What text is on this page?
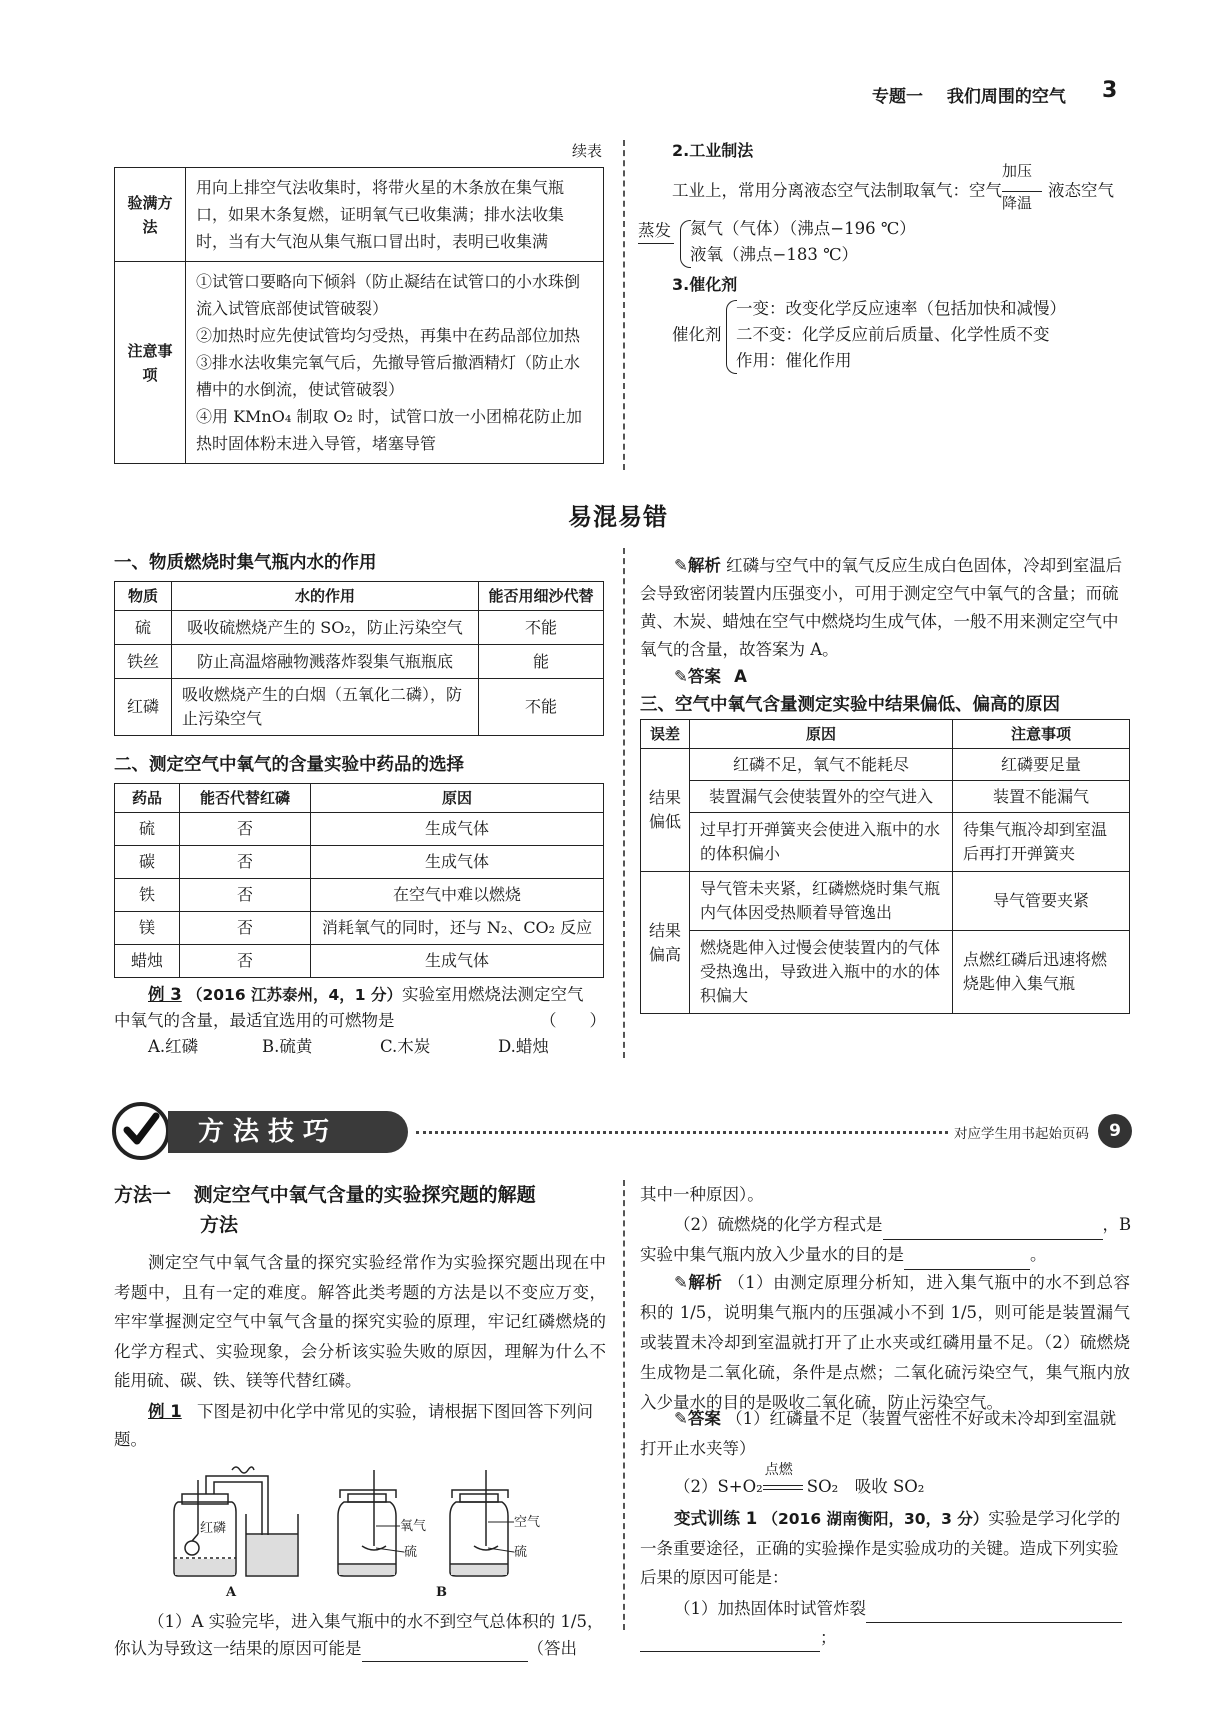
专题一 我们周围的空气 3
续表
验满方法	用向上排空气法收集时，将带火星的木条放在集气瓶口，如果木条复燃，证明氧气已收集满；排水法收集时，当有大气泡从集气瓶口冒出时，表明已收集满
注意事项	①试管口要略向下倾斜（防止凝结在试管口的小水珠倒流入试管底部使试管破裂）
②加热时应先使试管均匀受热，再集中在药品部位加热
③排水法收集完氧气后，先撤导管后撤酒精灯（防止水槽中的水倒流，使试管破裂）
④用 KMnO₄ 制取 O₂ 时，试管口放一小团棉花防止加热时固体粉末进入导管，堵塞导管
2.工业制法
工业上，常用分离液态空气法制取氧气：空气
加压
降温
液态空气
蒸发 氮气（气体）（沸点−196 ℃）
液氧（沸点−183 ℃）
3.催化剂
催化剂
一变：改变化学反应速率（包括加快和减慢）
二不变：化学反应前后质量、化学性质不变
作用：催化作用
易混易错
一、物质燃烧时集气瓶内水的作用
物质	水的作用	能否用细沙代替
硫	吸收硫燃烧产生的 SO₂，防止污染空气	不能
铁丝	防止高温熔融物溅落炸裂集气瓶瓶底	能
红磷	吸收燃烧产生的白烟（五氧化二磷），防止污染空气	不能
二、测定空气中氧气的含量实验中药品的选择
药品	能否代替红磷	原因
硫	否	生成气体
碳	否	生成气体
铁	否	在空气中难以燃烧
镁	否	消耗氧气的同时，还与 N₂、CO₂ 反应
蜡烛	否	生成气体
例 3 （2016 江苏泰州，4，1 分）实验室用燃烧法测定空气
中氧气的含量，最适宜选用的可燃物是	（　　）
A.红磷	B.硫黄	C.木炭	D.蜡烛
✎解析 红磷与空气中的氧气反应生成白色固体，冷却到室温后会导致密闭装置内压强变小，可用于测定空气中氧气的含量；而硫黄、木炭、蜡烛在空气中燃烧均生成气体，一般不用来测定空气中氧气的含量，故答案为 A。
✎答案 A
三、空气中氧气含量测定实验中结果偏低、偏高的原因
误差	原因	注意事项
结果偏低	红磷不足，氧气不能耗尽	红磷要足量
	装置漏气会使装置外的空气进入	装置不能漏气
	过早打开弹簧夹会使进入瓶中的水的体积偏小	待集气瓶冷却到室温后再打开弹簧夹
结果偏高	导气管未夹紧，红磷燃烧时集气瓶内气体因受热顺着导管逸出	导气管要夹紧
	燃烧匙伸入过慢会使装置内的气体受热逸出，导致进入瓶中的水的体积偏大	点燃红磷后迅速将燃烧匙伸入集气瓶
方法技巧	对应学生用书起始页码	9
方法一 测定空气中氧气含量的实验探究题的解题
方法
测定空气中氧气含量的探究实验经常作为实验探究题出现在中考题中，且有一定的难度。解答此类考题的方法是以不变应万变，牢牢掌握测定空气中氧气含量的探究实验的原理，牢记红磷燃烧的化学方程式、实验现象，会分析该实验失败的原因，理解为什么不能用硫、碳、铁、镁等代替红磷。
例 1 下图是初中化学中常见的实验，请根据下图回答下列问题。
红磷	氧气
硫
空气
硫
A	B
（1）A 实验完毕，进入集气瓶中的水不到空气总体积的 1/5，
你认为导致这一结果的原因可能是	（答出
其中一种原因）。
（2）硫燃烧的化学方程式是	，B
实验中集气瓶内放入少量水的目的是	。
✎解析 （1）由测定原理分析知，进入集气瓶中的水不到总容积的 1/5，说明集气瓶内的压强减小不到 1/5，则可能是装置漏气或装置未冷却到室温就打开了止水夹或红磷用量不足。（2）硫燃烧生成物是二氧化硫，条件是点燃；二氧化硫污染空气，集气瓶内放入少量水的目的是吸收二氧化硫，防止污染空气。
✎答案 （1）红磷量不足（装置气密性不好或未冷却到室温就打开止水夹等）
（2）S+O₂
点燃
SO₂　吸收 SO₂
变式训练 1 （2016 湖南衡阳，30，3 分）实验是学习化学的一条重要途径，正确的实验操作是实验成功的关键。造成下列实验后果的原因可能是：
（1）加热固体时试管炸裂
；
